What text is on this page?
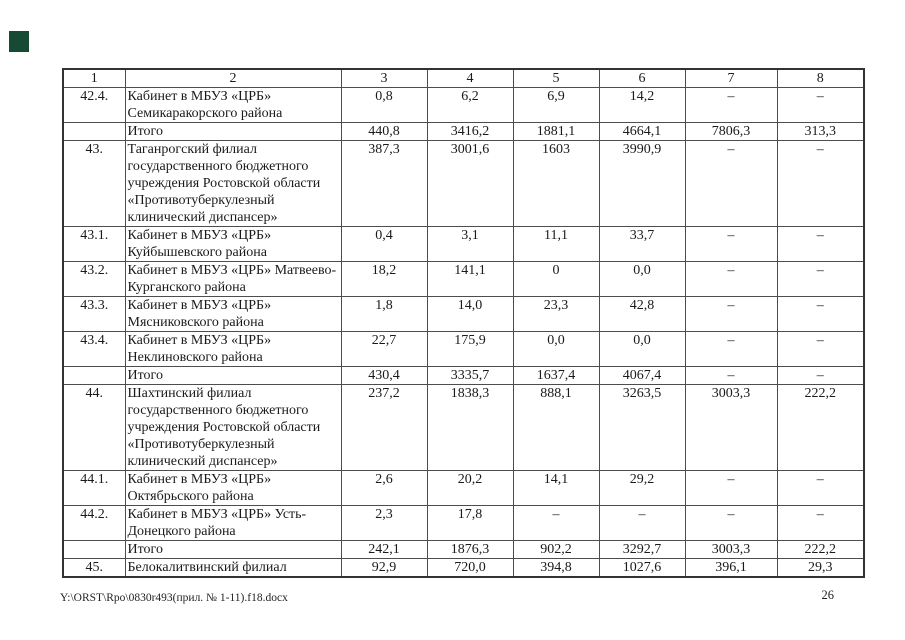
1	2	3	4	5	6	7	8
42.4.	Кабинет в МБУЗ «ЦРБ» Семикаракорского района	0,8	6,2	6,9	14,2	–	–
	Итого	440,8	3416,2	1881,1	4664,1	7806,3	313,3
43.	Таганрогский филиал государственного бюджетного учреждения Ростовской области «Противотуберкулезный клинический диспансер»	387,3	3001,6	1603	3990,9	–	–
43.1.	Кабинет в МБУЗ «ЦРБ» Куйбышевского района	0,4	3,1	11,1	33,7	–	–
43.2.	Кабинет в МБУЗ «ЦРБ» Матвеево-Курганского района	18,2	141,1	0	0,0	–	–
43.3.	Кабинет в МБУЗ «ЦРБ» Мясниковского района	1,8	14,0	23,3	42,8	–	–
43.4.	Кабинет в МБУЗ «ЦРБ» Неклиновского района	22,7	175,9	0,0	0,0	–	–
	Итого	430,4	3335,7	1637,4	4067,4	–	–
44.	Шахтинский филиал государственного бюджетного учреждения Ростовской области «Противотуберкулезный клинический диспансер»	237,2	1838,3	888,1	3263,5	3003,3	222,2
44.1.	Кабинет в МБУЗ «ЦРБ» Октябрьского района	2,6	20,2	14,1	29,2	–	–
44.2.	Кабинет в МБУЗ «ЦРБ» Усть-Донецкого района	2,3	17,8	–	–	–	–
	Итого	242,1	1876,3	902,2	3292,7	3003,3	222,2
45.	Белокалитвинский филиал	92,9	720,0	394,8	1027,6	396,1	29,3
Y:\ORST\Rpo\0830r493(прил. № 1-11).f18.docx	26
